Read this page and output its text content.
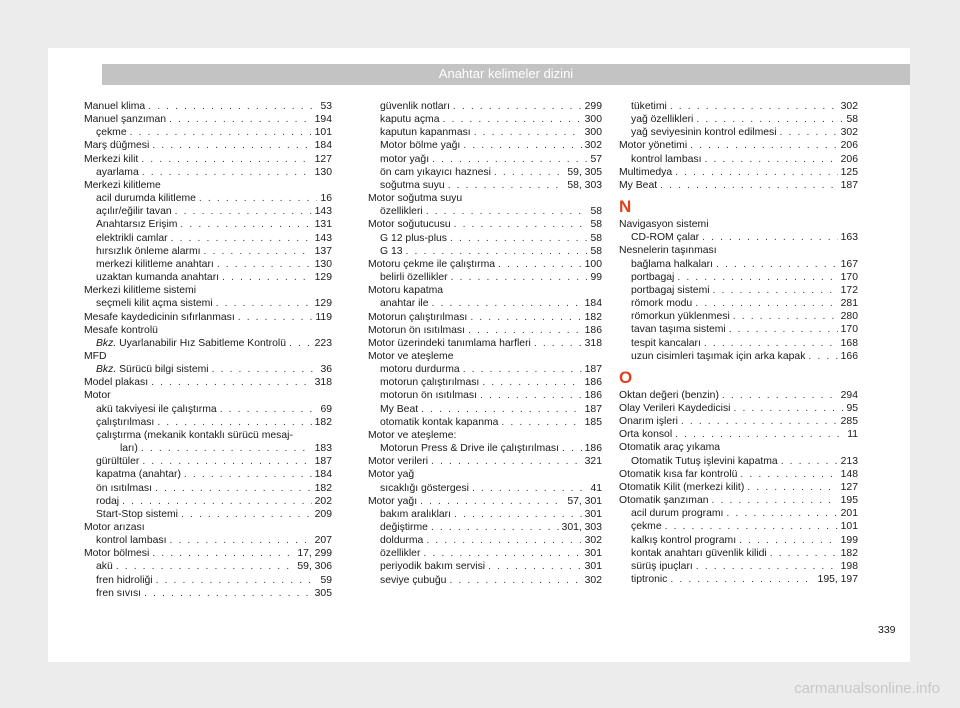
Anahtar kelimeler dizini
Manuel klima . . .	53
Manuel şanzıman . . .	194
çekme . . .	101
Marş düğmesi . . .	184
Merkezi kilit . . .	127
ayarlama . . .	130
Merkezi kilitleme
acil durumda kilitleme . . .	16
açılır/eğilir tavan . . .	143
Anahtarsız Erişim . . .	131
elektrikli camlar . . .	143
hırsızlık önleme alarmı . . .	137
merkezi kilitleme anahtarı . . .	130
uzaktan kumanda anahtarı . . .	129
Merkezi kilitleme sistemi
seçmeli kilit açma sistemi . . .	129
Mesafe kaydedicinin sıfırlanması . . .	119
Mesafe kontrolü
Bkz. Uyarlanabilir Hız Sabitleme Kontrolü . . .	223
MFD
Bkz. Sürücü bilgi sistemi . . .	36
Model plakası . . .	318
Motor
akü takviyesi ile çalıştırma . . .	69
çalıştırılması . . .	182
çalıştırma (mekanik kontaklı sürücü mesaj-
ları) . . .	183
gürültüler . . .	187
kapatma (anahtar) . . .	184
ön ısıtılması . . .	182
rodaj . . .	202
Start-Stop sistemi . . .	209
Motor arızası
kontrol lambası . . .	207
Motor bölmesi . . .	17, 299
akü . . .	59, 306
fren hidroliği . . .	59
fren sıvısı . . .	305
güvenlik notları . . .	299
kaputu açma . . .	300
kaputun kapanması . . .	300
Motor bölme yağı . . .	302
motor yağı . . .	57
ön cam yıkayıcı haznesi . . .	59, 305
soğutma suyu . . .	58, 303
Motor soğutma suyu
özellikleri . . .	58
Motor soğutucusu . . .	58
G 12 plus-plus . . .	58
G 13 . . .	58
Motoru çekme ile çalıştırma . . .	100
belirli özellikler . . .	99
Motoru kapatma
anahtar ile . . .	184
Motorun çalıştırılması . . .	182
Motorun ön ısıtılması . . .	186
Motor üzerindeki tanımlama harfleri . . .	318
Motor ve ateşleme
motoru durdurma . . .	187
motorun çalıştırılması . . .	186
motorun ön ısıtılması . . .	186
My Beat . . .	187
otomatik kontak kapanma . . .	185
Motor ve ateşleme:
Motorun Press & Drive ile çalıştırılması . . . 186
Motor verileri . . .	321
Motor yağ
sıcaklığı göstergesi . . .	41
Motor yağı . . .	57, 301
bakım aralıkları . . .	301
değiştirme . . .	301, 303
doldurma . . .	302
özellikler . . .	301
periyodik bakım servisi . . .	301
seviye çubuğu . . .	302
tüketimi . . .	302
yağ özellikleri . . .	58
yağ seviyesinin kontrol edilmesi . . .	302
Motor yönetimi . . .	206
kontrol lambası . . .	206
Multimedya . . .	125
My Beat . . .	187
N
Navigasyon sistemi
CD-ROM çalar . . .	163
Nesnelerin taşınması
bağlama halkaları . . .	167
portbagaj . . .	170
portbagaj sistemi . . .	172
römork modu . . .	281
römorkun yüklenmesi . . .	280
tavan taşıma sistemi . . .	170
tespit kancaları . . .	168
uzun cisimleri taşımak için arka kapak . . .	166
O
Oktan değeri (benzin) . . .	294
Olay Verileri Kaydedicisi . . .	95
Onarım işleri . . .	285
Orta konsol . . .	11
Otomatik araç yıkama
Otomatik Tutuş işlevini kapatma . . .	213
Otomatik kısa far kontrolü . . .	148
Otomatik Kilit (merkezi kilit) . . .	127
Otomatik şanzıman . . .	195
acil durum programı . . .	201
çekme . . .	101
kalkış kontrol programı . . .	199
kontak anahtarı güvenlik kilidi . . .	182
sürüş ipuçları . . .	198
tiptronic . . .	195, 197
339
carmanualsonline.info
